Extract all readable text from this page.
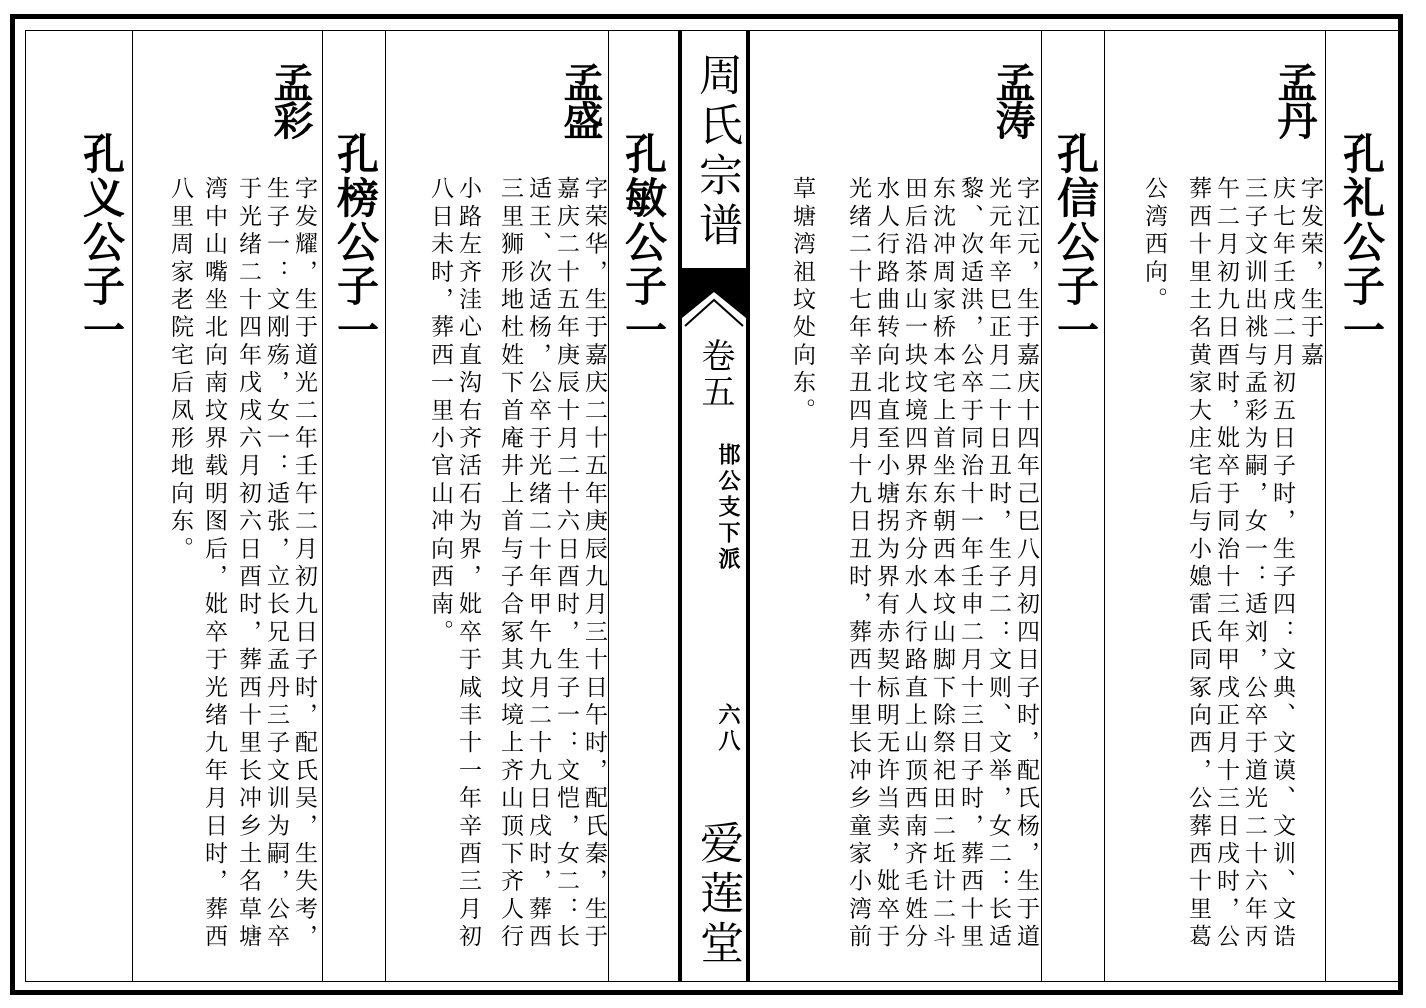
周氏宗谱
卷五
邯公支下派
六八
爱莲堂
孔礼公子一
孟丹
字发荣，生于嘉
庆七年壬戌二月初五日子时，生子四：文典、文谟、文训、文诰
三子文训出祧与孟彩为嗣，女一：适刘，公卒于道光二十六年丙
午二月初九日酉时，妣卒于同治十三年甲戌正月十三日戌时，公
葬西十里土名黄家大庄宅后与小媳雷氏同冢向西，公葬西十里葛
公湾西向。
孔信公子一
孟涛
字江元，生于嘉庆十四年己巳八月初四日子时，配氏杨，生于道
光元年辛巳正月二十日丑时，生子二：文则、文举，女二：长适
黎、次适洪，公卒于同治十一年壬申二月十三日子时，葬西十里
东沈冲周家桥本宅上首坐东朝西本坟山脚下除祭祀田二坵计二斗
田后沿茶山一块坟境四界东齐分水人行路直上山顶西南齐毛姓分
水人行路曲转向北直至小塘拐为界有赤契标明无许当卖，妣卒于
光绪二十七年辛丑四月十九日丑时，葬西十里长冲乡童家小湾前
草塘湾祖坟处向东。
孔敏公子一
孟盛
字荣华，生于嘉庆二十五年庚辰九月三十日午时，配氏秦，生于
嘉庆二十五年庚辰十月二十六日酉时，生子一：文恺，女二：长
适王、次适杨，公卒于光绪二十年甲午九月二十九日戌时，葬西
三里狮形地杜姓下首庵井上首与子合冢其坟境上齐山顶下齐人行
小路左齐洼心直沟右齐活石为界，妣卒于咸丰十一年辛酉三月初
八日未时，葬西一里小官山冲向西南。
孔榜公子一
孟彩
字发耀，生于道光二年壬午二月初九日子时，配氏吴，生失考，
生子一：文刚殇，女一：适张，立长兄孟丹三子文训为嗣，公卒
于光绪二十四年戊戌六月初六日酉时，葬西十里长冲乡土名草塘
湾中山嘴坐北向南坟界载明图后，妣卒于光绪九年月日时，葬西
八里周家老院宅后凤形地向东。
孔义公子一
